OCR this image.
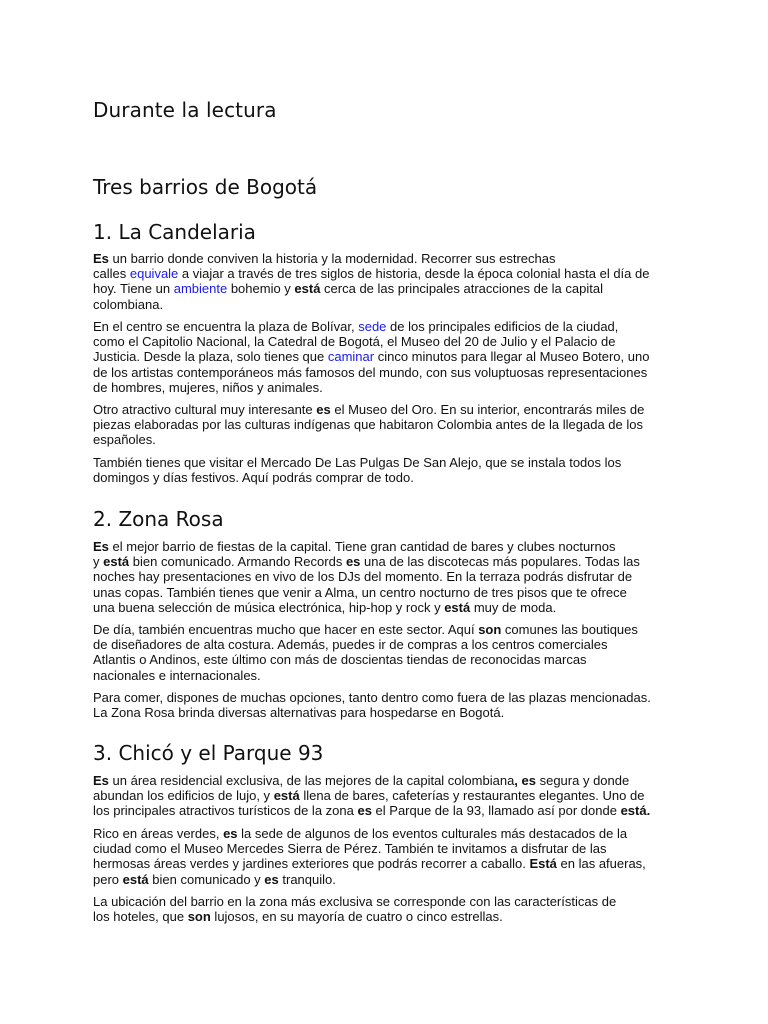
Durante la lectura
Tres barrios de Bogotá
1. La Candelaria
Es un barrio donde conviven la historia y la modernidad. Recorrer sus estrechas
calles equivale a viajar a través de tres siglos de historia, desde la época colonial hasta el día de
hoy. Tiene un ambiente bohemio y está cerca de las principales atracciones de la capital
colombiana.
En el centro se encuentra la plaza de Bolívar, sede de los principales edificios de la ciudad,
como el Capitolio Nacional, la Catedral de Bogotá, el Museo del 20 de Julio y el Palacio de
Justicia. Desde la plaza, solo tienes que caminar cinco minutos para llegar al Museo Botero, uno
de los artistas contemporáneos más famosos del mundo, con sus voluptuosas representaciones
de hombres, mujeres, niños y animales.
Otro atractivo cultural muy interesante es el Museo del Oro. En su interior, encontrarás miles de
piezas elaboradas por las culturas indígenas que habitaron Colombia antes de la llegada de los
españoles.
También tienes que visitar el Mercado De Las Pulgas De San Alejo, que se instala todos los
domingos y días festivos. Aquí podrás comprar de todo.
2. Zona Rosa
Es el mejor barrio de fiestas de la capital. Tiene gran cantidad de bares y clubes nocturnos
y está bien comunicado. Armando Records es una de las discotecas más populares. Todas las
noches hay presentaciones en vivo de los DJs del momento. En la terraza podrás disfrutar de
unas copas. También tienes que venir a Alma, un centro nocturno de tres pisos que te ofrece
una buena selección de música electrónica, hip-hop y rock y está muy de moda.
De día, también encuentras mucho que hacer en este sector. Aquí son comunes las boutiques
de diseñadores de alta costura. Además, puedes ir de compras a los centros comerciales
Atlantis o Andinos, este último con más de doscientas tiendas de reconocidas marcas
nacionales e internacionales.
Para comer, dispones de muchas opciones, tanto dentro como fuera de las plazas mencionadas.
La Zona Rosa brinda diversas alternativas para hospedarse en Bogotá.
3. Chicó y el Parque 93
Es un área residencial exclusiva, de las mejores de la capital colombiana, es segura y donde
abundan los edificios de lujo, y está llena de bares, cafeterías y restaurantes elegantes. Uno de
los principales atractivos turísticos de la zona es el Parque de la 93, llamado así por donde está.
Rico en áreas verdes, es la sede de algunos de los eventos culturales más destacados de la
ciudad como el Museo Mercedes Sierra de Pérez. También te invitamos a disfrutar de las
hermosas áreas verdes y jardines exteriores que podrás recorrer a caballo. Está en las afueras,
pero está bien comunicado y es tranquilo.
La ubicación del barrio en la zona más exclusiva se corresponde con las características de
los hoteles, que son lujosos, en su mayoría de cuatro o cinco estrellas.
